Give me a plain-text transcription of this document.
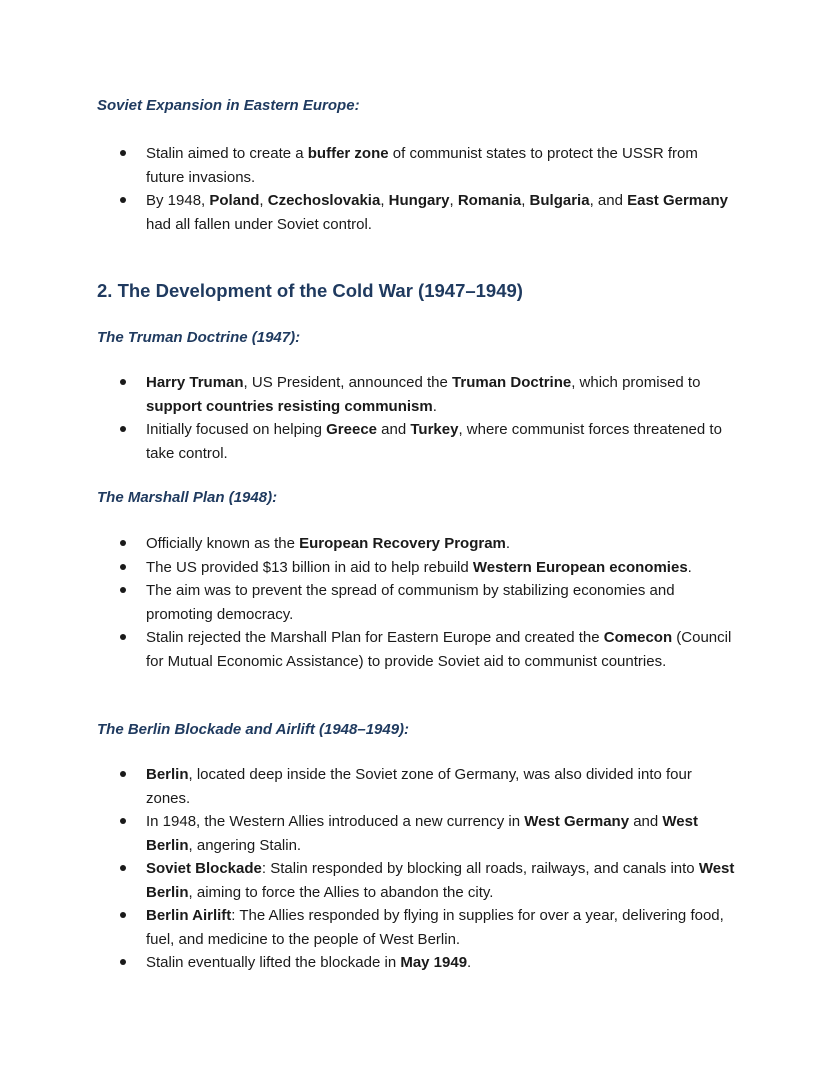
Soviet Expansion in Eastern Europe:
Stalin aimed to create a buffer zone of communist states to protect the USSR from future invasions.
By 1948, Poland, Czechoslovakia, Hungary, Romania, Bulgaria, and East Germany had all fallen under Soviet control.
2. The Development of the Cold War (1947–1949)
The Truman Doctrine (1947):
Harry Truman, US President, announced the Truman Doctrine, which promised to support countries resisting communism.
Initially focused on helping Greece and Turkey, where communist forces threatened to take control.
The Marshall Plan (1948):
Officially known as the European Recovery Program.
The US provided $13 billion in aid to help rebuild Western European economies.
The aim was to prevent the spread of communism by stabilizing economies and promoting democracy.
Stalin rejected the Marshall Plan for Eastern Europe and created the Comecon (Council for Mutual Economic Assistance) to provide Soviet aid to communist countries.
The Berlin Blockade and Airlift (1948–1949):
Berlin, located deep inside the Soviet zone of Germany, was also divided into four zones.
In 1948, the Western Allies introduced a new currency in West Germany and West Berlin, angering Stalin.
Soviet Blockade: Stalin responded by blocking all roads, railways, and canals into West Berlin, aiming to force the Allies to abandon the city.
Berlin Airlift: The Allies responded by flying in supplies for over a year, delivering food, fuel, and medicine to the people of West Berlin.
Stalin eventually lifted the blockade in May 1949.
